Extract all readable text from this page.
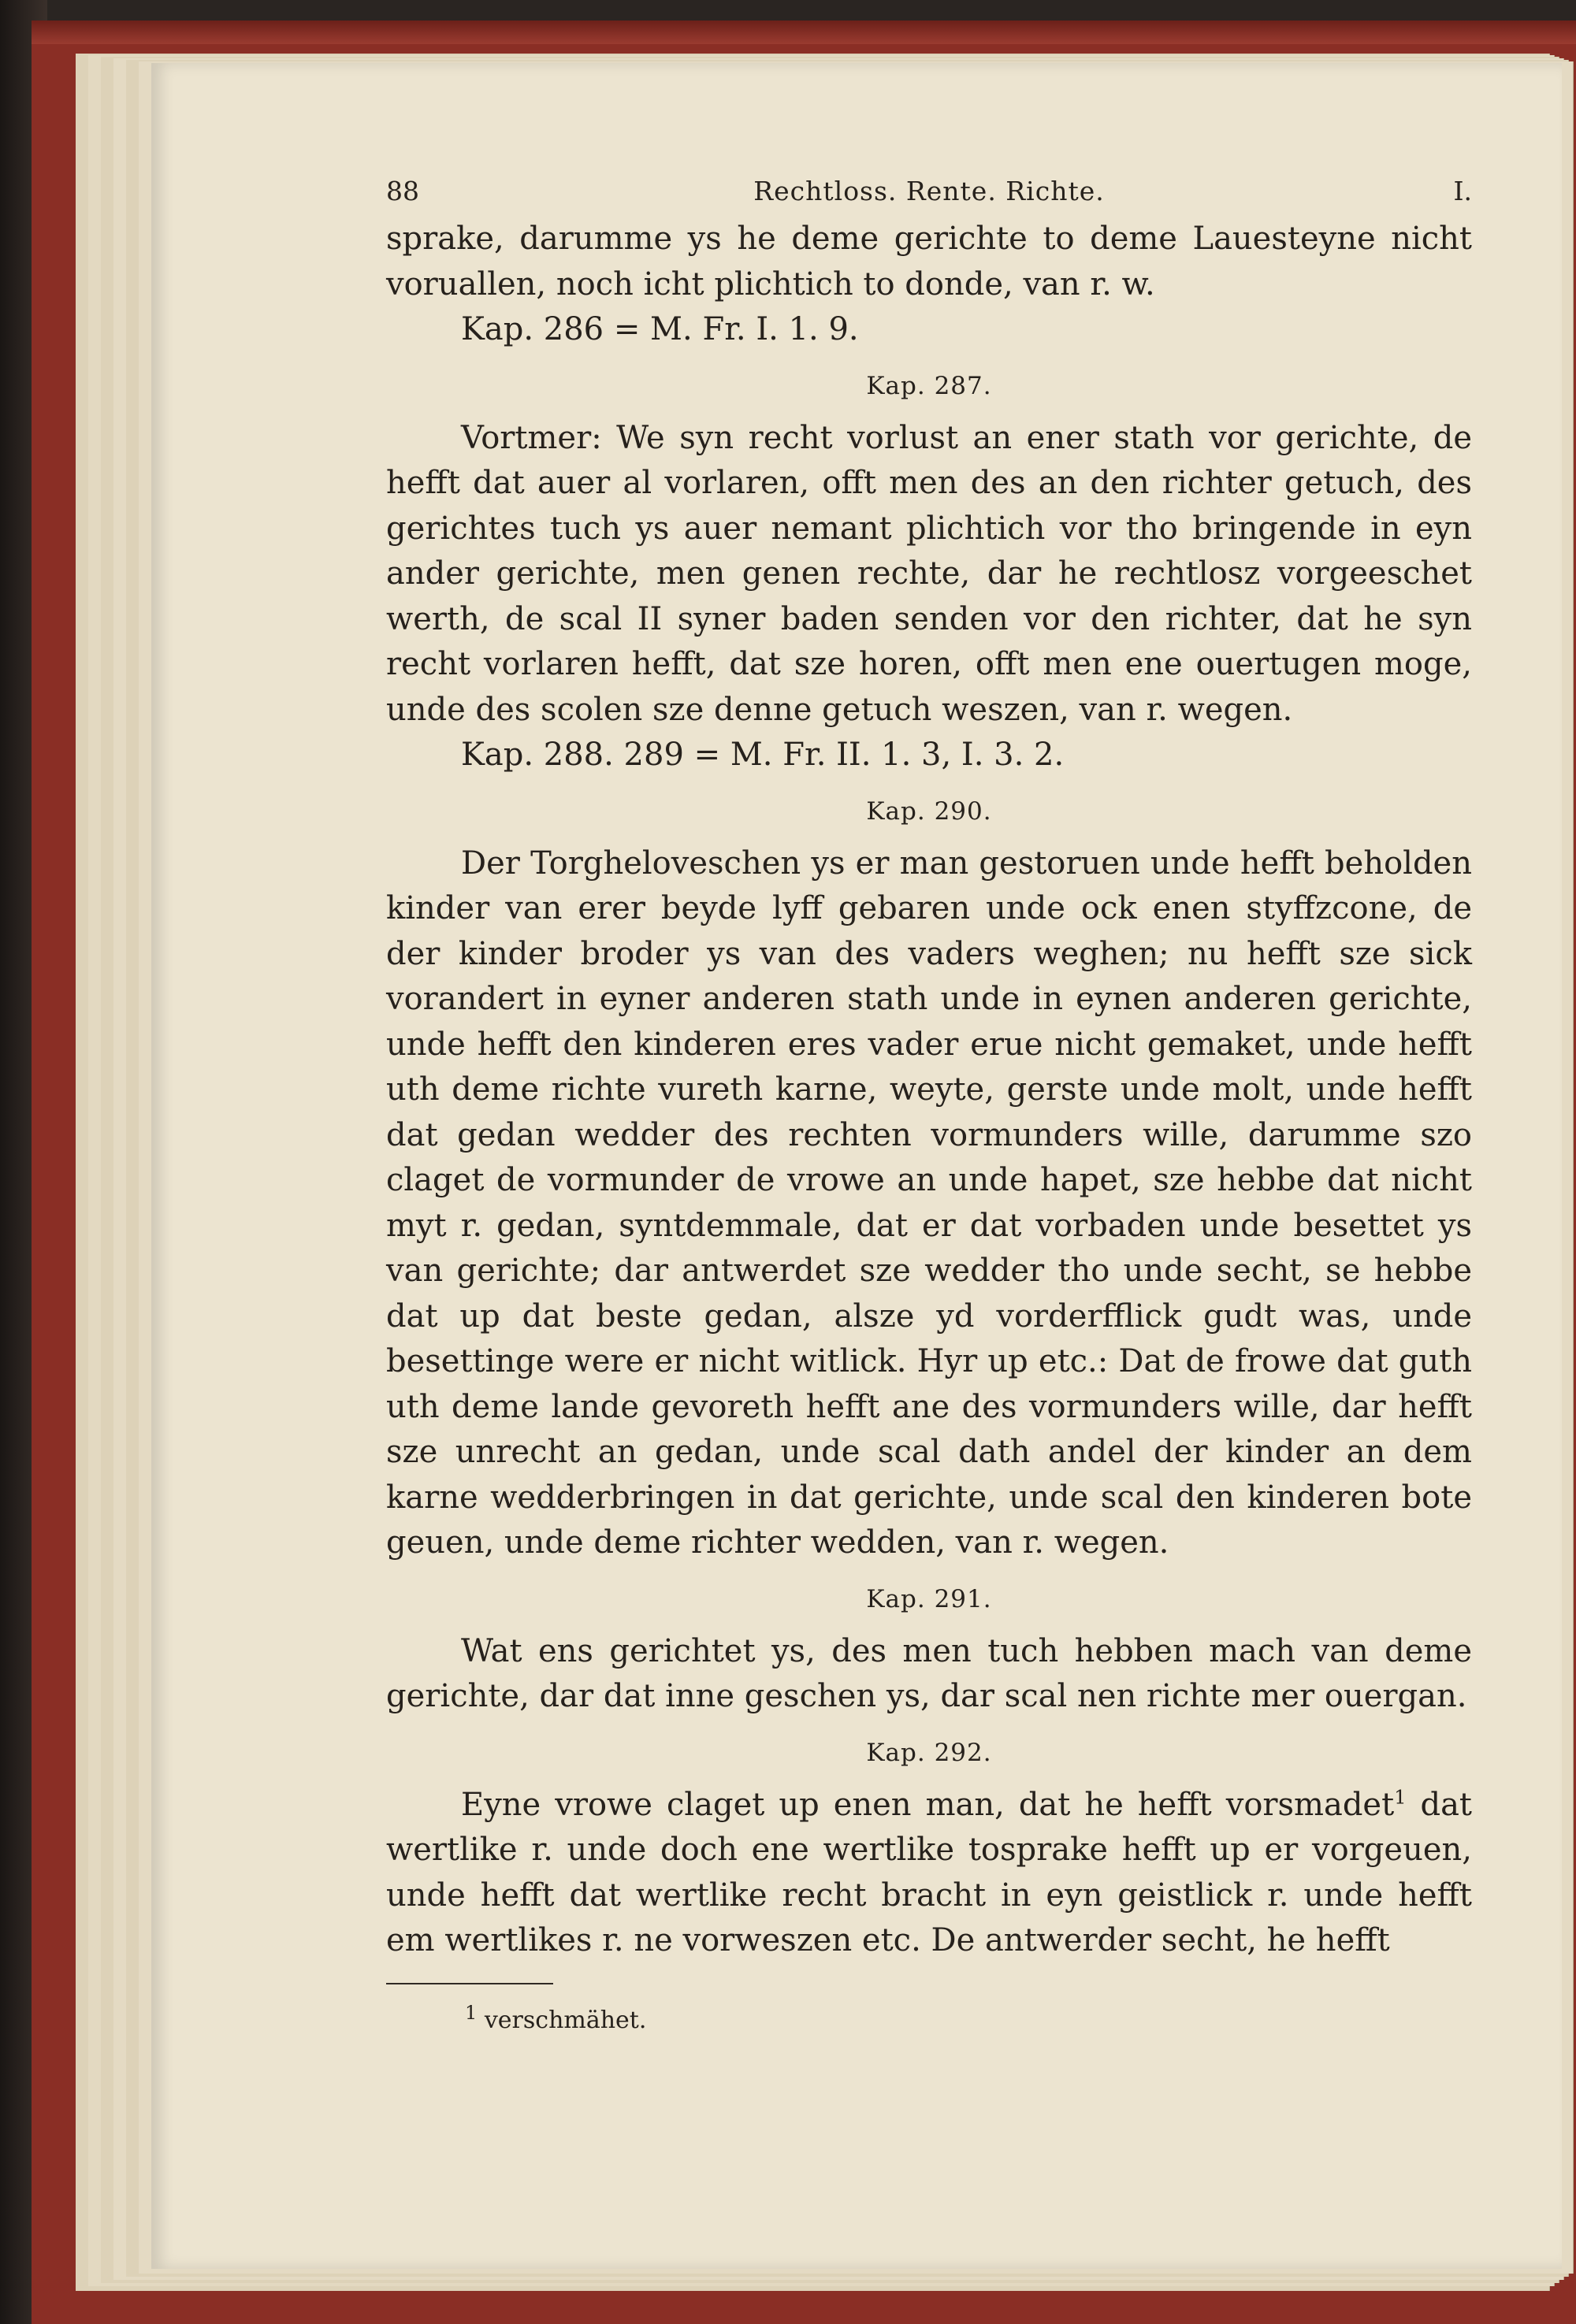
88	Rechtloss. Rente. Richte.	I.

sprake, darumme ys he deme gerichte to deme Lauesteyne nicht voruallen, noch icht plichtich to donde, van r. w.

Kap. 286 = M. Fr. I. 1. 9.

Kap. 287.

Vortmer: We syn recht vorlust an ener stath vor gerichte, de hefft dat auer al vorlaren, offt men des an den richter getuch, des gerichtes tuch ys auer nemant plichtich vor tho bringende in eyn ander gerichte, men genen rechte, dar he rechtlosz vorgeeschet werth, de scal II syner baden senden vor den richter, dat he syn recht vorlaren hefft, dat sze horen, offt men ene ouertugen moge, unde des scolen sze denne getuch weszen, van r. wegen.

Kap. 288. 289 = M. Fr. II. 1. 3, I. 3. 2.

Kap. 290.

Der Torgheloveschen ys er man gestoruen unde hefft beholden kinder van erer beyde lyff gebaren unde ock enen styffzcone, de der kinder broder ys van des vaders weghen; nu hefft sze sick vorandert in eyner anderen stath unde in eynen anderen gerichte, unde hefft den kinderen eres vader erue nicht gemaket, unde hefft uth deme richte vureth karne, weyte, gerste unde molt, unde hefft dat gedan wedder des rechten vormunders wille, darumme szo claget de vormunder de vrowe an unde hapet, sze hebbe dat nicht myt r. gedan, syntdemmale, dat er dat vorbaden unde besettet ys van gerichte; dar antwerdet sze wedder tho unde secht, se hebbe dat up dat beste gedan, alsze yd vorderfflick gudt was, unde besettinge were er nicht witlick. Hyr up etc.: Dat de frowe dat guth uth deme lande gevoreth hefft ane des vormunders wille, dar hefft sze unrecht an gedan, unde scal dath andel der kinder an dem karne wedderbringen in dat gerichte, unde scal den kinderen bote geuen, unde deme richter wedden, van r. wegen.

Kap. 291.

Wat ens gerichtet ys, des men tuch hebben mach van deme gerichte, dar dat inne geschen ys, dar scal nen richte mer ouergan.

Kap. 292.

Eyne vrowe claget up enen man, dat he hefft vorsmadet$^1$ dat wertlike r. unde doch ene wertlike tosprake hefft up er vorgeuen, unde hefft dat wertlike recht bracht in eyn geistlick r. unde hefft em wertlikes r. ne vorweszen etc. De antwerder secht, he hefft

$^1$ verschmähet.
